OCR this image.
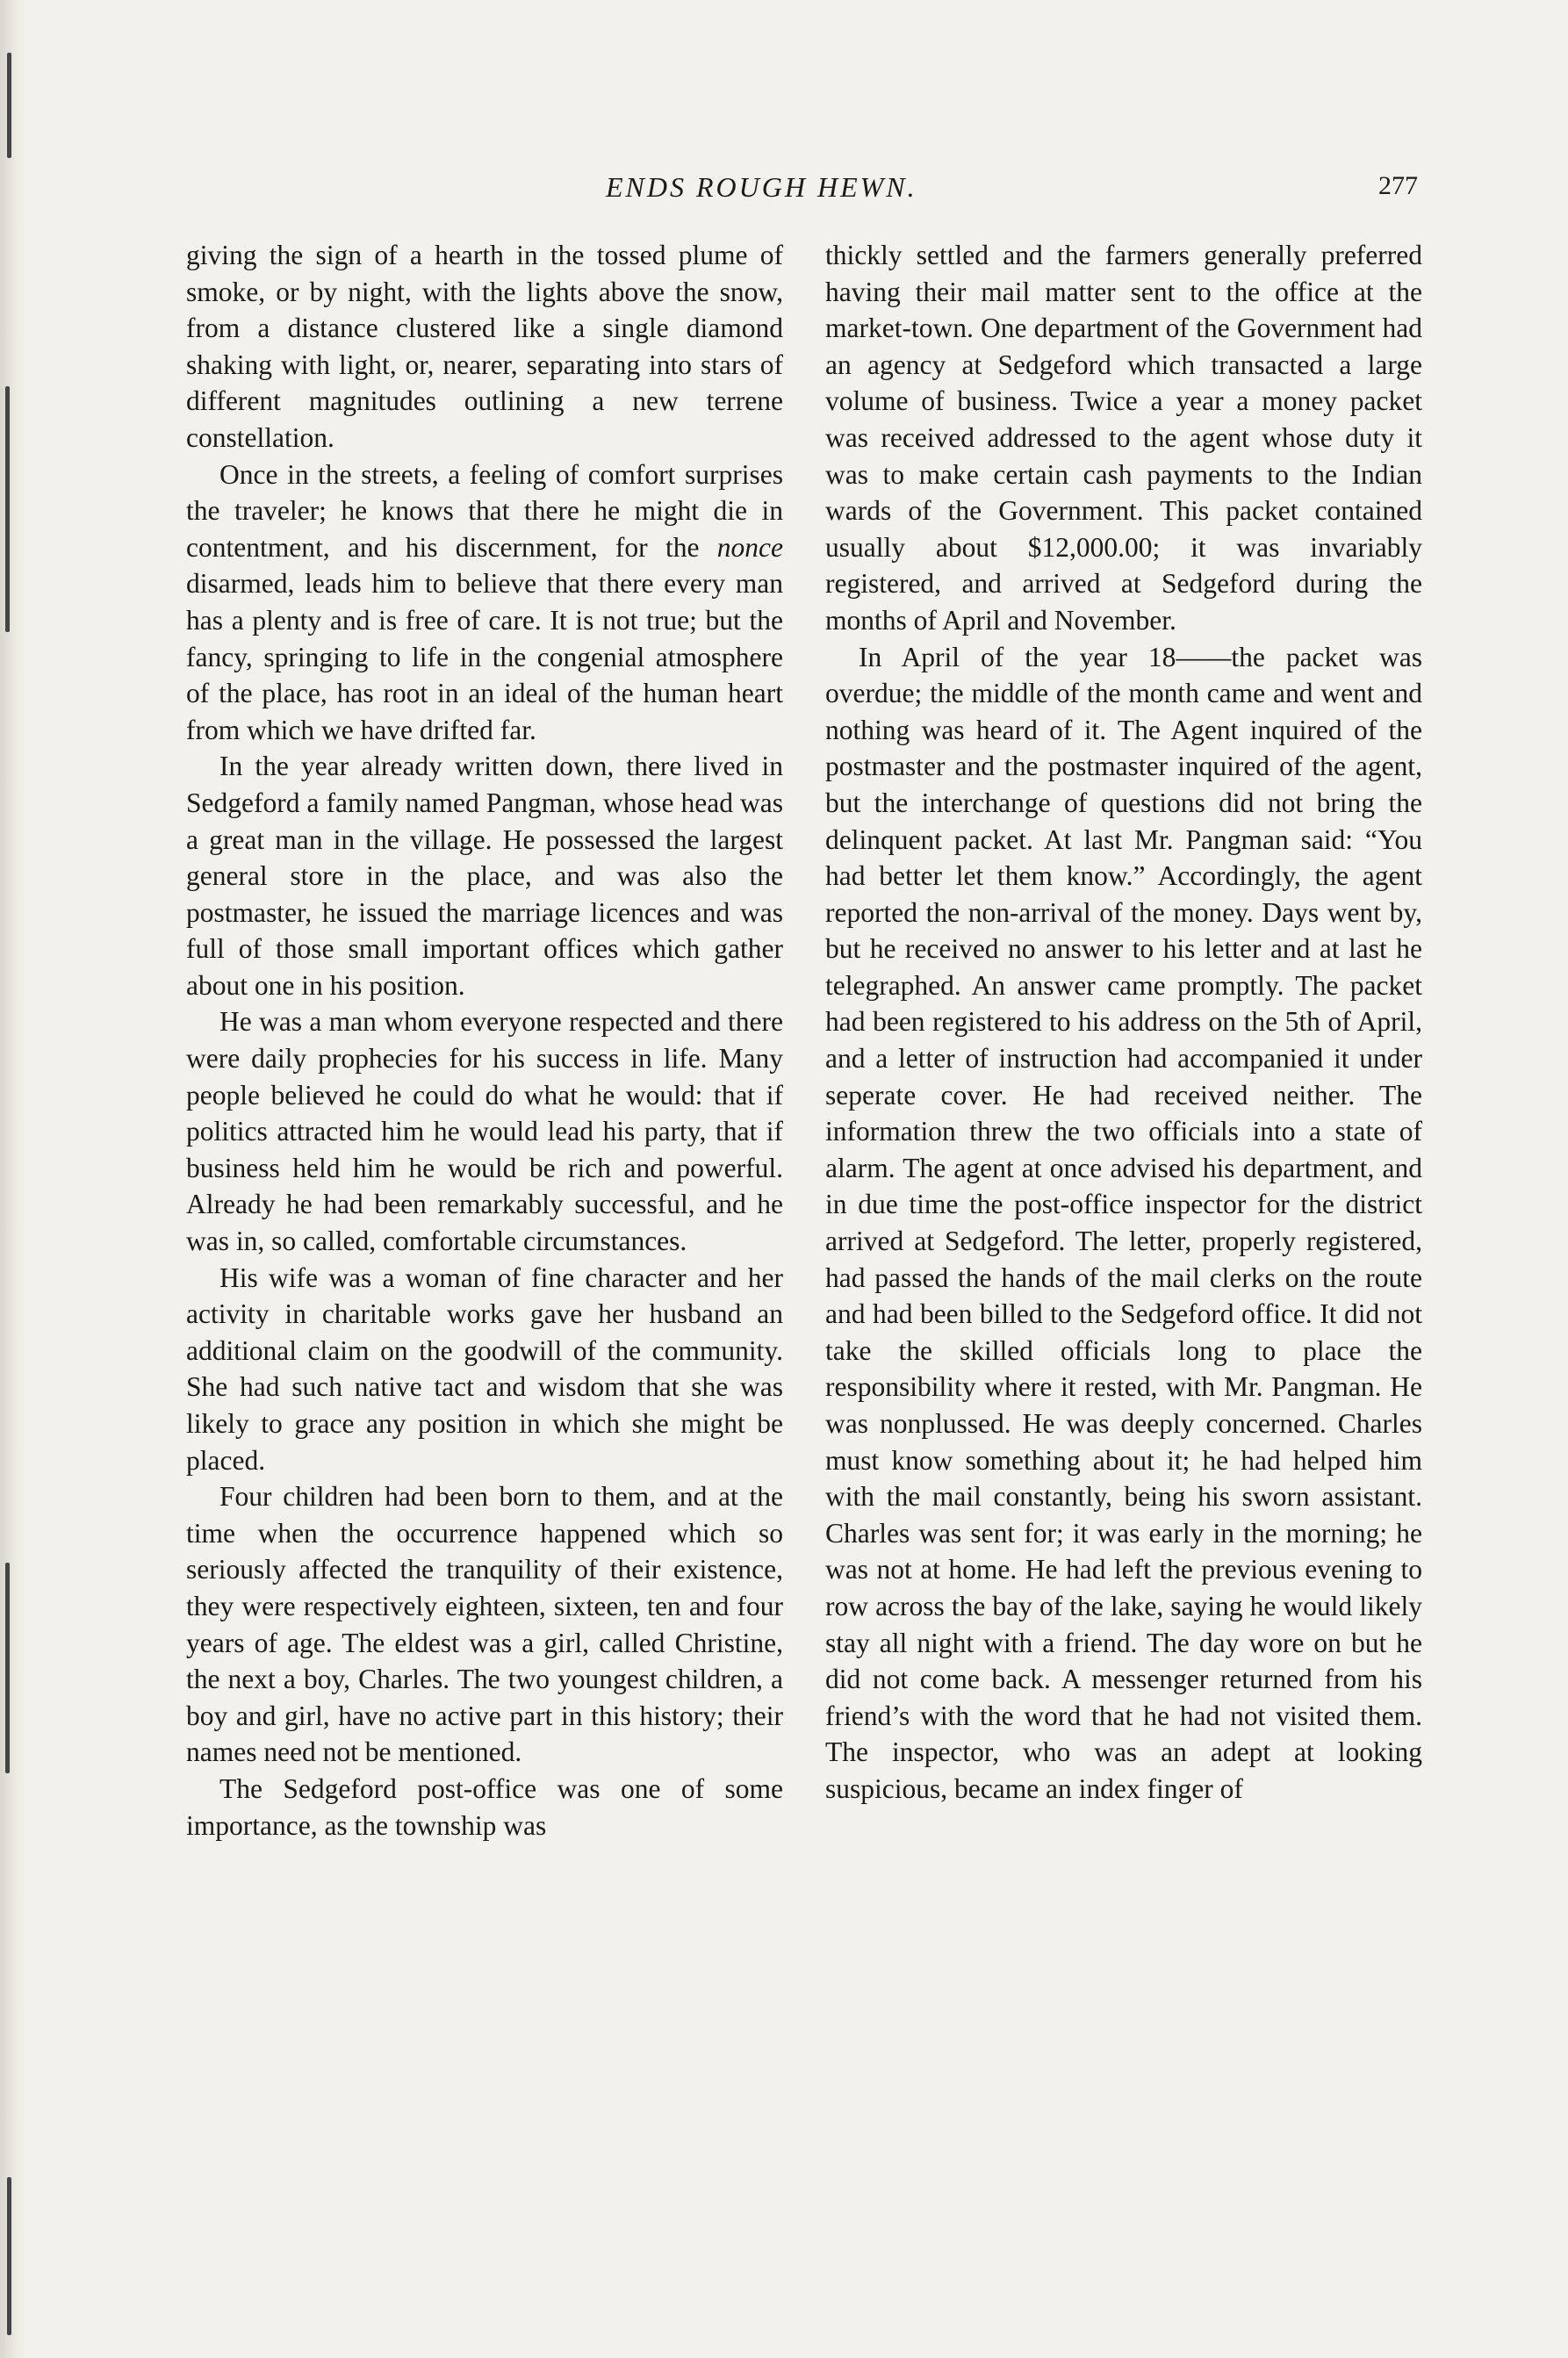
ENDS ROUGH HEWN.	277

giving the sign of a hearth in the tossed plume of smoke, or by night, with the lights above the snow, from a distance clustered like a single diamond shaking with light, or, nearer, separating into stars of different magnitudes outlining a new terrene constellation.

Once in the streets, a feeling of comfort surprises the traveler; he knows that there he might die in contentment, and his discernment, for the nonce disarmed, leads him to believe that there every man has a plenty and is free of care. It is not true; but the fancy, springing to life in the congenial atmosphere of the place, has root in an ideal of the human heart from which we have drifted far.

In the year already written down, there lived in Sedgeford a family named Pangman, whose head was a great man in the village. He possessed the largest general store in the place, and was also the postmaster, he issued the marriage licences and was full of those small important offices which gather about one in his position.

He was a man whom everyone respected and there were daily prophecies for his success in life. Many people believed he could do what he would: that if politics attracted him he would lead his party, that if business held him he would be rich and powerful. Already he had been remarkably successful, and he was in, so called, comfortable circumstances.

His wife was a woman of fine character and her activity in charitable works gave her husband an additional claim on the goodwill of the community. She had such native tact and wisdom that she was likely to grace any position in which she might be placed.

Four children had been born to them, and at the time when the occurrence happened which so seriously affected the tranquility of their existence, they were respectively eighteen, sixteen, ten and four years of age. The eldest was a girl, called Christine, the next a boy, Charles. The two youngest children, a boy and girl, have no active part in this history; their names need not be mentioned.

The Sedgeford post-office was one of some importance, as the township was

thickly settled and the farmers generally preferred having their mail matter sent to the office at the market-town. One department of the Government had an agency at Sedgeford which transacted a large volume of business. Twice a year a money packet was received addressed to the agent whose duty it was to make certain cash payments to the Indian wards of the Government. This packet contained usually about $12,000.00; it was invariably registered, and arrived at Sedgeford during the months of April and November.

In April of the year 18——the packet was overdue; the middle of the month came and went and nothing was heard of it. The Agent inquired of the postmaster and the postmaster inquired of the agent, but the interchange of questions did not bring the delinquent packet. At last Mr. Pangman said: “You had better let them know.” Accordingly, the agent reported the non-arrival of the money. Days went by, but he received no answer to his letter and at last he telegraphed. An answer came promptly. The packet had been registered to his address on the 5th of April, and a letter of instruction had accompanied it under seperate cover. He had received neither. The information threw the two officials into a state of alarm. The agent at once advised his department, and in due time the post-office inspector for the district arrived at Sedgeford. The letter, properly registered, had passed the hands of the mail clerks on the route and had been billed to the Sedgeford office. It did not take the skilled officials long to place the responsibility where it rested, with Mr. Pangman. He was nonplussed. He was deeply concerned. Charles must know something about it; he had helped him with the mail constantly, being his sworn assistant. Charles was sent for; it was early in the morning; he was not at home. He had left the previous evening to row across the bay of the lake, saying he would likely stay all night with a friend. The day wore on but he did not come back. A messenger returned from his friend’s with the word that he had not visited them. The inspector, who was an adept at looking suspicious, became an index finger of
